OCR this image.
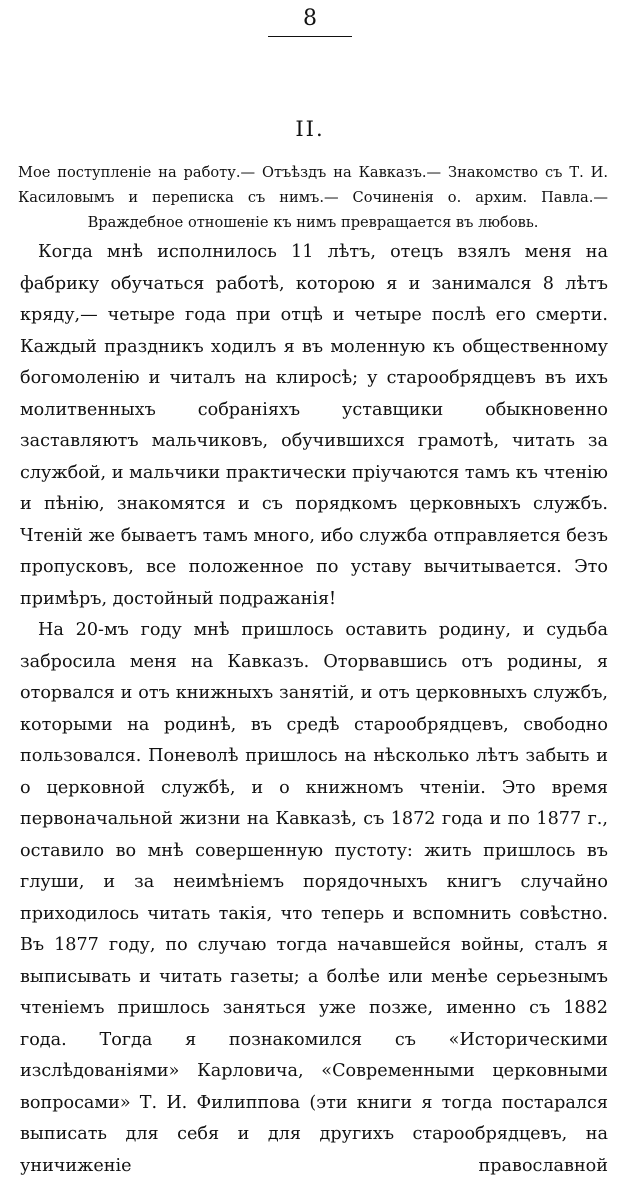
8
II.
Мое поступленіе на работу.— Отъѣздъ на Кавказъ.— Знакомство съ Т. И. Касиловымъ и переписка съ нимъ.— Сочиненія о. архим. Павла.— Враждебное отношеніе къ нимъ превращается въ любовь.

Когда мнѣ исполнилось 11 лѣтъ, отецъ взялъ меня на фабрику обучаться работѣ, которою я и занимался 8 лѣтъ кряду,— четыре года при отцѣ и четыре послѣ его смерти. Каждый праздникъ ходилъ я въ моленную къ общественному богомоленію и читалъ на клиросѣ; у старообрядцевъ въ ихъ молитвенныхъ собраніяхъ уставщики обыкновенно заставляютъ мальчиковъ, обучившихся грамотѣ, читать за службой, и мальчики практически пріучаются тамъ къ чтенію и пѣнію, знакомятся и съ порядкомъ церковныхъ службъ. Чтеній же бываетъ тамъ много, ибо служба отправляется безъ пропусковъ, все положенное по уставу вычитывается. Это примѣръ, достойный подражанія!

На 20-мъ году мнѣ пришлось оставить родину, и судьба забросила меня на Кавказъ. Оторвавшись отъ родины, я оторвался и отъ книжныхъ занятій, и отъ церковныхъ службъ, которыми на родинѣ, въ средѣ старообрядцевъ, свободно пользовался. Поневолѣ пришлось на нѣсколько лѣтъ забыть и о церковной службѣ, и о книжномъ чтеніи. Это время первоначальной жизни на Кавказѣ, съ 1872 года и по 1877 г., оставило во мнѣ совершенную пустоту: жить пришлось въ глуши, и за неимѣніемъ порядочныхъ книгъ случайно приходилось читать такія, что теперь и вспомнить совѣстно. Въ 1877 году, по случаю тогда начавшейся войны, сталъ я выписывать и читать газеты; а болѣе или менѣе серьезнымъ чтеніемъ пришлось заняться уже позже, именно съ 1882 года. Тогда я познакомился съ «Историческими изслѣдованіями» Карловича, «Современными церковными вопросами» Т. И. Филиппова (эти книги я тогда постарался выписать для себя и для другихъ старообрядцевъ, на уничиженіе православной
